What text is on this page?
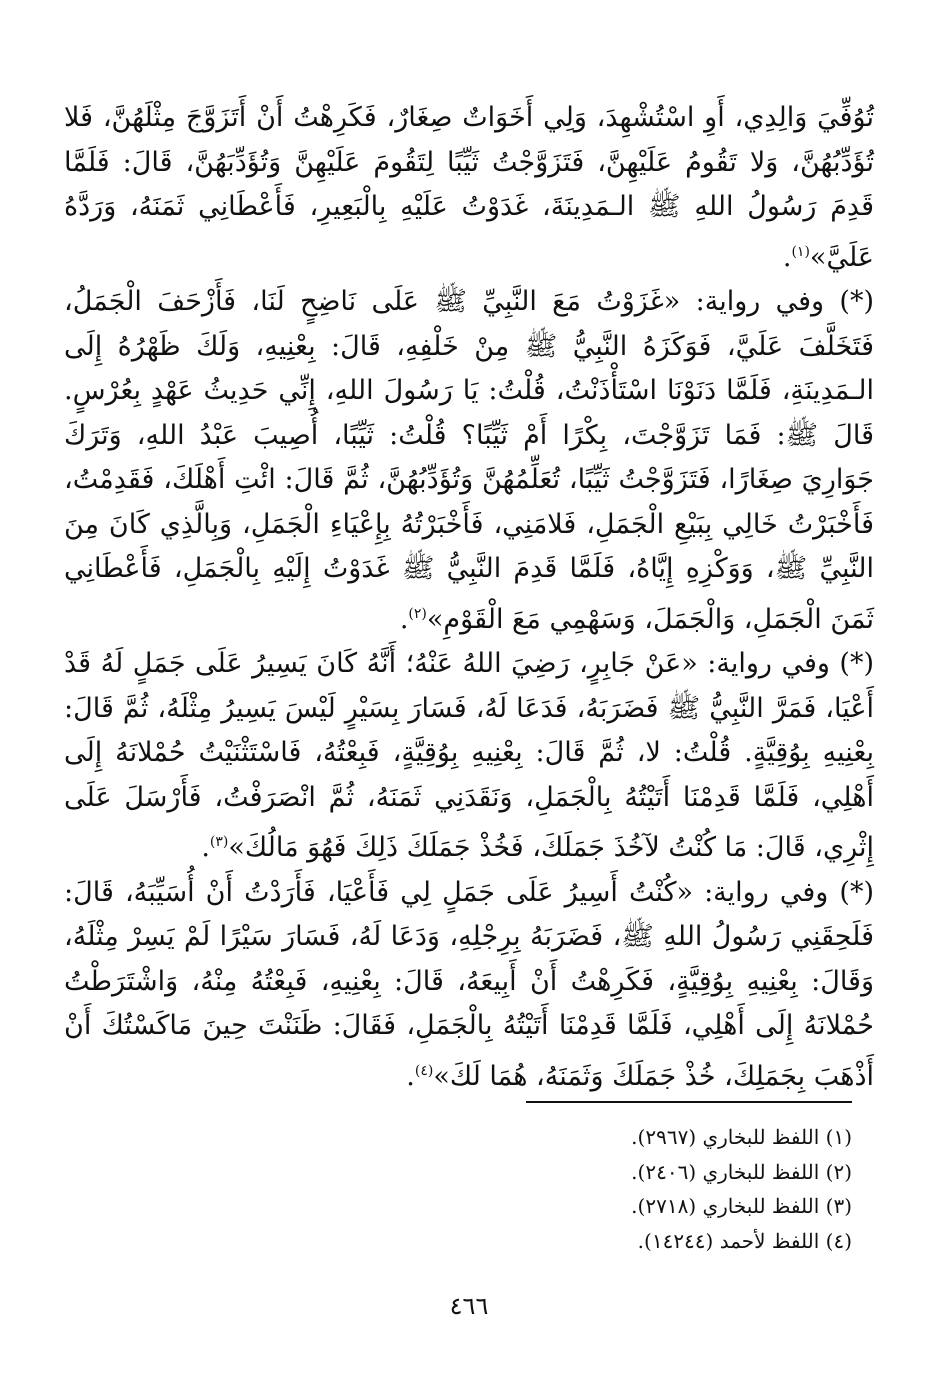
تُوُفِّيَ وَالِدِي، أَوِ اسْتُشْهِدَ، وَلِي أَخَوَاتٌ صِغَارٌ، فَكَرِهْتُ أَنْ أَتَزَوَّجَ مِثْلَهُنَّ، فَلا تُؤَدِّبُهُنَّ، وَلا تَقُومُ عَلَيْهِنَّ، فَتَزَوَّجْتُ ثَيِّبًا لِتَقُومَ عَلَيْهِنَّ وَتُؤَدِّبَهُنَّ، قَالَ: فَلَمَّا قَدِمَ رَسُولُ اللهِ ﷺ الـمَدِينَةَ، غَدَوْتُ عَلَيْهِ بِالْبَعِيرِ، فَأَعْطَانِي ثَمَنَهُ، وَرَدَّهُ عَلَيَّ»$^{(١)}$.
(*) وفي رواية: «غَزَوْتُ مَعَ النَّبِيِّ ﷺ عَلَى نَاضِحٍ لَنَا، فَأَزْحَفَ الْجَمَلُ، فَتَخَلَّفَ عَلَيَّ، فَوَكَزَهُ النَّبِيُّ ﷺ مِنْ خَلْفِهِ، قَالَ: بِعْنِيهِ، وَلَكَ ظَهْرُهُ إِلَى الـمَدِينَةِ، فَلَمَّا دَنَوْنَا اسْتَأْذَنْتُ، قُلْتُ: يَا رَسُولَ اللهِ، إِنِّي حَدِيثُ عَهْدٍ بِعُرْسٍ. قَالَ ﷺ: فَمَا تَزَوَّجْتَ، بِكْرًا أَمْ ثَيِّبًا؟ قُلْتُ: ثَيِّبًا، أُصِيبَ عَبْدُ اللهِ، وَتَرَكَ جَوَارِيَ صِغَارًا، فَتَزَوَّجْتُ ثَيِّبًا، تُعَلِّمُهُنَّ وَتُؤَدِّبُهُنَّ، ثُمَّ قَالَ: ائْتِ أَهْلَكَ، فَقَدِمْتُ، فَأَخْبَرْتُ خَالِي بِبَيْعِ الْجَمَلِ، فَلامَنِي، فَأَخْبَرْتُهُ بِإِعْيَاءِ الْجَمَلِ، وَبِالَّذِي كَانَ مِنَ النَّبِيِّ ﷺ، وَوَكْزِهِ إِيَّاهُ، فَلَمَّا قَدِمَ النَّبِيُّ ﷺ غَدَوْتُ إِلَيْهِ بِالْجَمَلِ، فَأَعْطَانِي ثَمَنَ الْجَمَلِ، وَالْجَمَلَ، وَسَهْمِي مَعَ الْقَوْمِ»$^{(٢)}$.
(*) وفي رواية: «عَنْ جَابِرٍ، رَضِيَ اللهُ عَنْهُ؛ أَنَّهُ كَانَ يَسِيرُ عَلَى جَمَلٍ لَهُ قَدْ أَعْيَا، فَمَرَّ النَّبِيُّ ﷺ فَضَرَبَهُ، فَدَعَا لَهُ، فَسَارَ بِسَيْرٍ لَيْسَ يَسِيرُ مِثْلَهُ، ثُمَّ قَالَ: بِعْنِيهِ بِوُقِيَّةٍ. قُلْتُ: لا، ثُمَّ قَالَ: بِعْنِيهِ بِوُقِيَّةٍ، فَبِعْتُهُ، فَاسْتَثْنَيْتُ حُمْلانَهُ إِلَى أَهْلِي، فَلَمَّا قَدِمْنَا أَتَيْتُهُ بِالْجَمَلِ، وَنَقَدَنِي ثَمَنَهُ، ثُمَّ انْصَرَفْتُ، فَأَرْسَلَ عَلَى إِثْرِي، قَالَ: مَا كُنْتُ لآخُذَ جَمَلَكَ، فَخُذْ جَمَلَكَ ذَلِكَ فَهُوَ مَالُكَ»$^{(٣)}$.
(*) وفي رواية: «كُنْتُ أَسِيرُ عَلَى جَمَلٍ لِي فَأَعْيَا، فَأَرَدْتُ أَنْ أُسَيِّبَهُ، قَالَ: فَلَحِقَنِي رَسُولُ اللهِ ﷺ، فَضَرَبَهُ بِرِجْلِهِ، وَدَعَا لَهُ، فَسَارَ سَيْرًا لَمْ يَسِرْ مِثْلَهُ، وَقَالَ: بِعْنِيهِ بِوُقِيَّةٍ، فَكَرِهْتُ أَنْ أَبِيعَهُ، قَالَ: بِعْنِيهِ، فَبِعْتُهُ مِنْهُ، وَاشْتَرَطْتُ حُمْلانَهُ إِلَى أَهْلِي، فَلَمَّا قَدِمْنَا أَتَيْتُهُ بِالْجَمَلِ، فَقَالَ: ظَنَنْتَ حِينَ مَاكَسْتُكَ أَنْ أَذْهَبَ بِجَمَلِكَ، خُذْ جَمَلَكَ وَثَمَنَهُ، هُمَا لَكَ»$^{(٤)}$.
(١) اللفظ للبخاري (٢٩٦٧).
(٢) اللفظ للبخاري (٢٤٠٦).
(٣) اللفظ للبخاري (٢٧١٨).
(٤) اللفظ لأحمد (١٤٢٤٤).
٤٦٦
